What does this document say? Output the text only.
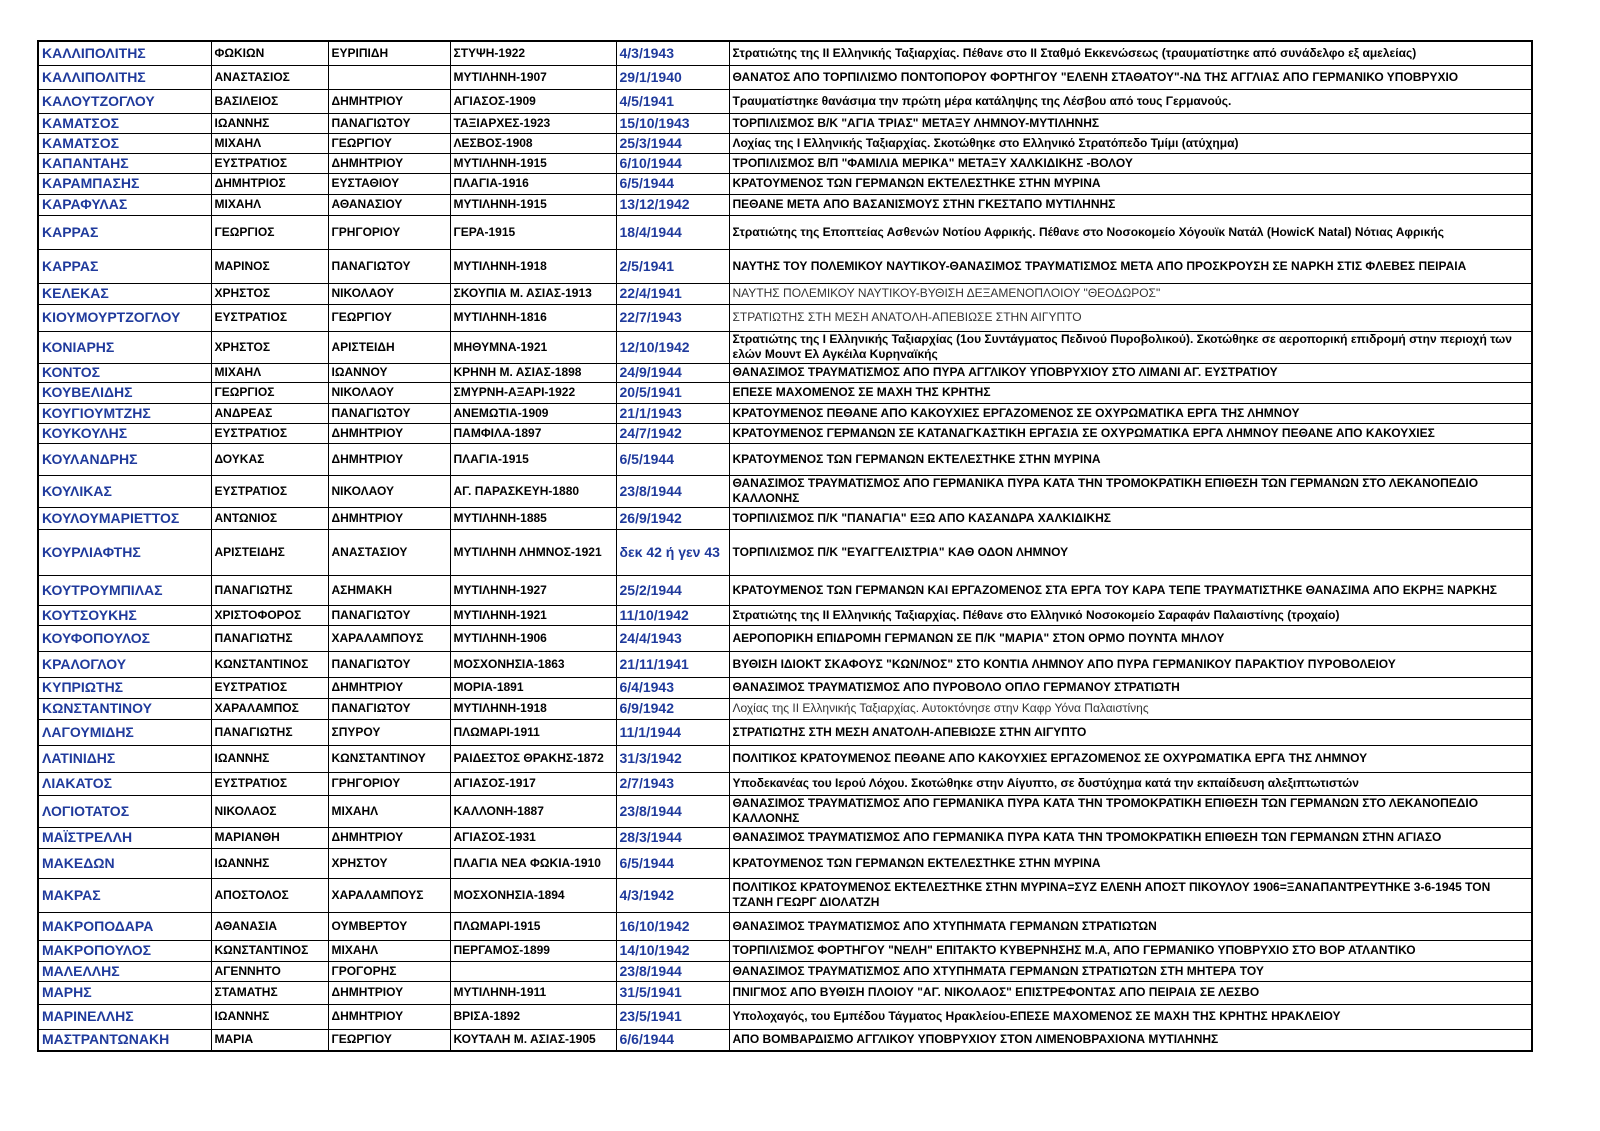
ΚΑΛΛΙΠΟΛΙΤΗΣ	ΦΩΚΙΩΝ	ΕΥΡΙΠΙΔΗ	ΣΤΥΨΗ-1922	4/3/1943	Στρατιώτης της ΙΙ Ελληνικής Ταξιαρχίας. Πέθανε στο ΙΙ Σταθμό Εκκενώσεως (τραυματίστηκε από συνάδελφο εξ αμελείας)
ΚΑΛΛΙΠΟΛΙΤΗΣ	ΑΝΑΣΤΑΣΙΟΣ		ΜΥΤΙΛΗΝΗ-1907	29/1/1940	ΘΑΝΑΤΟΣ ΑΠΟ ΤΟΡΠΙΛΙΣΜΟ ΠΟΝΤΟΠΟΡΟΥ ΦΟΡΤΗΓΟΥ "ΕΛΕΝΗ ΣΤΑΘΑΤΟΥ"-ΝΔ ΤΗΣ ΑΓΓΛΙΑΣ ΑΠΟ ΓΕΡΜΑΝΙΚΟ ΥΠΟΒΡΥΧΙΟ
ΚΑΛΟΥΤΖΟΓΛΟΥ	ΒΑΣΙΛΕΙΟΣ	ΔΗΜΗΤΡΙΟΥ	ΑΓΙΑΣΟΣ-1909	4/5/1941	Τραυματίστηκε θανάσιμα την πρώτη μέρα κατάληψης της Λέσβου από τους Γερμανούς.
ΚΑΜΑΤΣΟΣ	ΙΩΑΝΝΗΣ	ΠΑΝΑΓΙΩΤΟΥ	ΤΑΞΙΑΡΧΕΣ-1923	15/10/1943	ΤΟΡΠΙΛΙΣΜΟΣ Β/Κ "ΑΓΙΑ ΤΡΙΑΣ" ΜΕΤΑΞΥ ΛΗΜΝΟΥ-ΜΥΤΙΛΗΝΗΣ
ΚΑΜΑΤΣΟΣ	ΜΙΧΑΗΛ	ΓΕΩΡΓΙΟΥ	ΛΕΣΒΟΣ-1908	25/3/1944	Λοχίας της Ι Ελληνικής Ταξιαρχίας. Σκοτώθηκε στο Ελληνικό Στρατόπεδο Τμίμι (ατύχημα)
ΚΑΠΑΝΤΑΗΣ	ΕΥΣΤΡΑΤΙΟΣ	ΔΗΜΗΤΡΙΟΥ	ΜΥΤΙΛΗΝΗ-1915	6/10/1944	ΤΡΟΠΙΛΙΣΜΟΣ Β/Π "ΦΑΜΙΛΙΑ ΜΕΡΙΚΑ" ΜΕΤΑΞΥ ΧΑΛΚΙΔΙΚΗΣ -ΒΟΛΟΥ
ΚΑΡΑΜΠΑΣΗΣ	ΔΗΜΗΤΡΙΟΣ	ΕΥΣΤΑΘΙΟΥ	ΠΛΑΓΙΑ-1916	6/5/1944	ΚΡΑΤΟΥΜΕΝΟΣ ΤΩΝ ΓΕΡΜΑΝΩΝ ΕΚΤΕΛΕΣΤΗΚΕ ΣΤΗΝ ΜΥΡΙΝΑ
ΚΑΡΑΦΥΛΑΣ	ΜΙΧΑΗΛ	ΑΘΑΝΑΣΙΟΥ	ΜΥΤΙΛΗΝΗ-1915	13/12/1942	ΠΕΘΑΝΕ ΜΕΤΑ ΑΠΟ ΒΑΣΑΝΙΣΜΟΥΣ ΣΤΗΝ ΓΚΕΣΤΑΠΟ ΜΥΤΙΛΗΝΗΣ
ΚΑΡΡΑΣ	ΓΕΩΡΓΙΟΣ	ΓΡΗΓΟΡΙΟΥ	ΓΕΡΑ-1915	18/4/1944	Στρατιώτης της Εποπτείας Ασθενών Νοτίου Αφρικής. Πέθανε στο Νοσοκομείο Χόγουϊκ Νατάλ (HowicK Natal) Νότιας Αφρικής
ΚΑΡΡΑΣ	ΜΑΡΙΝΟΣ	ΠΑΝΑΓΙΩΤΟΥ	ΜΥΤΙΛΗΝΗ-1918	2/5/1941	ΝΑΥΤΗΣ ΤΟΥ ΠΟΛΕΜΙΚΟΥ ΝΑΥΤΙΚΟΥ-ΘΑΝΑΣΙΜΟΣ ΤΡΑΥΜΑΤΙΣΜΟΣ ΜΕΤΑ ΑΠΟ ΠΡΟΣΚΡΟΥΣΗ ΣΕ ΝΑΡΚΗ ΣΤΙΣ ΦΛΕΒΕΣ ΠΕΙΡΑΙΑ
ΚΕΛΕΚΑΣ	ΧΡΗΣΤΟΣ	ΝΙΚΟΛΑΟΥ	ΣΚΟΥΠΙΑ Μ. ΑΣΙΑΣ-1913	22/4/1941	ΝΑΥΤΗΣ ΠΟΛΕΜΙΚΟΥ ΝΑΥΤΙΚΟΥ-ΒΥΘΙΣΗ ΔΕΞΑΜΕΝΟΠΛΟΙΟΥ "ΘΕΟΔΩΡΟΣ"
ΚΙΟΥΜΟΥΡΤΖΟΓΛΟΥ	ΕΥΣΤΡΑΤΙΟΣ	ΓΕΩΡΓΙΟΥ	ΜΥΤΙΛΗΝΗ-1816	22/7/1943	ΣΤΡΑΤΙΩΤΗΣ ΣΤΗ ΜΕΣΗ ΑΝΑΤΟΛΗ-ΑΠΕΒΙΩΣΕ ΣΤΗΝ ΑΙΓΥΠΤΟ
ΚΟΝΙΑΡΗΣ	ΧΡΗΣΤΟΣ	ΑΡΙΣΤΕΙΔΗ	ΜΗΘΥΜΝΑ-1921	12/10/1942	Στρατιώτης της Ι Ελληνικής Ταξιαρχίας (1ου Συντάγματος Πεδινού Πυροβολικού). Σκοτώθηκε σε αεροπορική επιδρομή στην περιοχή των ελών Μουντ Ελ Αγκέιλα Κυρηναϊκής
ΚΟΝΤΟΣ	ΜΙΧΑΗΛ	ΙΩΑΝΝΟΥ	ΚΡΗΝΗ Μ. ΑΣΙΑΣ-1898	24/9/1944	ΘΑΝΑΣΙΜΟΣ ΤΡΑΥΜΑΤΙΣΜΟΣ ΑΠΟ ΠΥΡΑ ΑΓΓΛΙΚΟΥ ΥΠΟΒΡΥΧΙΟΥ ΣΤΟ ΛΙΜΑΝΙ ΑΓ. ΕΥΣΤΡΑΤΙΟΥ
ΚΟΥΒΕΛΙΔΗΣ	ΓΕΩΡΓΙΟΣ	ΝΙΚΟΛΑΟΥ	ΣΜΥΡΝΗ-ΑΞΑΡΙ-1922	20/5/1941	ΕΠΕΣΕ ΜΑΧΟΜΕΝΟΣ ΣΕ ΜΑΧΗ ΤΗΣ ΚΡΗΤΗΣ
ΚΟΥΓΙΟΥΜΤΖΗΣ	ΑΝΔΡΕΑΣ	ΠΑΝΑΓΙΩΤΟΥ	ΑΝΕΜΩΤΙΑ-1909	21/1/1943	ΚΡΑΤΟΥΜΕΝΟΣ ΠΕΘΑΝΕ ΑΠΟ ΚΑΚΟΥΧΙΕΣ ΕΡΓΑΖΟΜΕΝΟΣ ΣΕ ΟΧΥΡΩΜΑΤΙΚΑ ΕΡΓΑ ΤΗΣ ΛΗΜΝΟΥ
ΚΟΥΚΟΥΛΗΣ	ΕΥΣΤΡΑΤΙΟΣ	ΔΗΜΗΤΡΙΟΥ	ΠΑΜΦΙΛΑ-1897	24/7/1942	ΚΡΑΤΟΥΜΕΝΟΣ ΓΕΡΜΑΝΩΝ ΣΕ ΚΑΤΑΝΑΓΚΑΣΤΙΚΗ ΕΡΓΑΣΙΑ ΣΕ ΟΧΥΡΩΜΑΤΙΚΑ ΕΡΓΑ ΛΗΜΝΟΥ ΠΕΘΑΝΕ ΑΠΟ ΚΑΚΟΥΧΙΕΣ
ΚΟΥΛΑΝΔΡΗΣ	ΔΟΥΚΑΣ	ΔΗΜΗΤΡΙΟΥ	ΠΛΑΓΙΑ-1915	6/5/1944	ΚΡΑΤΟΥΜΕΝΟΣ ΤΩΝ ΓΕΡΜΑΝΩΝ ΕΚΤΕΛΕΣΤΗΚΕ ΣΤΗΝ ΜΥΡΙΝΑ
ΚΟΥΛΙΚΑΣ	ΕΥΣΤΡΑΤΙΟΣ	ΝΙΚΟΛΑΟΥ	ΑΓ. ΠΑΡΑΣΚΕΥΗ-1880	23/8/1944	ΘΑΝΑΣΙΜΟΣ ΤΡΑΥΜΑΤΙΣΜΟΣ ΑΠΟ ΓΕΡΜΑΝΙΚΑ ΠΥΡΑ ΚΑΤΑ ΤΗΝ ΤΡΟΜΟΚΡΑΤΙΚΗ ΕΠΙΘΕΣΗ ΤΩΝ ΓΕΡΜΑΝΩΝ ΣΤΟ ΛΕΚΑΝΟΠΕΔΙΟ ΚΑΛΛΟΝΗΣ
ΚΟΥΛΟΥΜΑΡΙΕΤΤΟΣ	ΑΝΤΩΝΙΟΣ	ΔΗΜΗΤΡΙΟΥ	ΜΥΤΙΛΗΝΗ-1885	26/9/1942	ΤΟΡΠΙΛΙΣΜΟΣ Π/Κ "ΠΑΝΑΓΙΑ" ΕΞΩ ΑΠΟ ΚΑΣΑΝΔΡΑ ΧΑΛΚΙΔΙΚΗΣ
ΚΟΥΡΛΙΑΦΤΗΣ	ΑΡΙΣΤΕΙΔΗΣ	ΑΝΑΣΤΑΣΙΟΥ	ΜΥΤΙΛΗΝΗ ΛΗΜΝΟΣ-1921	δεκ 42 ή γεν 43	ΤΟΡΠΙΛΙΣΜΟΣ Π/Κ "ΕΥΑΓΓΕΛΙΣΤΡΙΑ" ΚΑΘ ΟΔΟΝ ΛΗΜΝΟΥ
ΚΟΥΤΡΟΥΜΠΙΛΑΣ	ΠΑΝΑΓΙΩΤΗΣ	ΑΣΗΜΑΚΗ	ΜΥΤΙΛΗΝΗ-1927	25/2/1944	ΚΡΑΤΟΥΜΕΝΟΣ ΤΩΝ ΓΕΡΜΑΝΩΝ ΚΑΙ ΕΡΓΑΖΟΜΕΝΟΣ ΣΤΑ ΕΡΓΑ ΤΟΥ ΚΑΡΑ ΤΕΠΕ ΤΡΑΥΜΑΤΙΣΤΗΚΕ ΘΑΝΑΣΙΜΑ ΑΠΟ ΕΚΡΗΞ ΝΑΡΚΗΣ
ΚΟΥΤΣΟΥΚΗΣ	ΧΡΙΣΤΟΦΟΡΟΣ	ΠΑΝΑΓΙΩΤΟΥ	ΜΥΤΙΛΗΝΗ-1921	11/10/1942	Στρατιώτης της ΙΙ Ελληνικής Ταξιαρχίας. Πέθανε στο Ελληνικό Νοσοκομείο Σαραφάν Παλαιστίνης (τροχαίο)
ΚΟΥΦΟΠΟΥΛΟΣ	ΠΑΝΑΓΙΩΤΗΣ	ΧΑΡΑΛΑΜΠΟΥΣ	ΜΥΤΙΛΗΝΗ-1906	24/4/1943	ΑΕΡΟΠΟΡΙΚΗ ΕΠΙΔΡΟΜΗ ΓΕΡΜΑΝΩΝ ΣΕ Π/Κ "ΜΑΡΙΑ" ΣΤΟΝ ΟΡΜΟ ΠΟΥΝΤΑ ΜΗΛΟΥ
ΚΡΑΛΟΓΛΟΥ	ΚΩΝΣΤΑΝΤΙΝΟΣ	ΠΑΝΑΓΙΩΤΟΥ	ΜΟΣΧΟΝΗΣΙΑ-1863	21/11/1941	ΒΥΘΙΣΗ ΙΔΙΟΚΤ ΣΚΑΦΟΥΣ "ΚΩΝ/ΝΟΣ" ΣΤΟ ΚΟΝΤΙΑ ΛΗΜΝΟΥ ΑΠΟ ΠΥΡΑ ΓΕΡΜΑΝΙΚΟΥ ΠΑΡΑΚΤΙΟΥ ΠΥΡΟΒΟΛΕΙΟΥ
ΚΥΠΡΙΩΤΗΣ	ΕΥΣΤΡΑΤΙΟΣ	ΔΗΜΗΤΡΙΟΥ	ΜΟΡΙΑ-1891	6/4/1943	ΘΑΝΑΣΙΜΟΣ ΤΡΑΥΜΑΤΙΣΜΟΣ ΑΠΟ ΠΥΡΟΒΟΛΟ ΟΠΛΟ ΓΕΡΜΑΝΟΥ ΣΤΡΑΤΙΩΤΗ
ΚΩΝΣΤΑΝΤΙΝΟΥ	ΧΑΡΑΛΑΜΠΟΣ	ΠΑΝΑΓΙΩΤΟΥ	ΜΥΤΙΛΗΝΗ-1918	6/9/1942	Λοχίας της ΙΙ Ελληνικής Ταξιαρχίας. Αυτοκτόνησε στην Καφρ Υόνα Παλαιστίνης
ΛΑΓΟΥΜΙΔΗΣ	ΠΑΝΑΓΙΩΤΗΣ	ΣΠΥΡΟΥ	ΠΛΩΜΑΡΙ-1911	11/1/1944	ΣΤΡΑΤΙΩΤΗΣ ΣΤΗ ΜΕΣΗ ΑΝΑΤΟΛΗ-ΑΠΕΒΙΩΣΕ ΣΤΗΝ ΑΙΓΥΠΤΟ
ΛΑΤΙΝΙΔΗΣ	ΙΩΑΝΝΗΣ	ΚΩΝΣΤΑΝΤΙΝΟΥ	ΡΑΙΔΕΣΤΟΣ ΘΡΑΚΗΣ-1872	31/3/1942	ΠΟΛΙΤΙΚΟΣ ΚΡΑΤΟΥΜΕΝΟΣ ΠΕΘΑΝΕ ΑΠΟ ΚΑΚΟΥΧΙΕΣ ΕΡΓΑΖΟΜΕΝΟΣ ΣΕ ΟΧΥΡΩΜΑΤΙΚΑ ΕΡΓΑ ΤΗΣ ΛΗΜΝΟΥ
ΛΙΑΚΑΤΟΣ	ΕΥΣΤΡΑΤΙΟΣ	ΓΡΗΓΟΡΙΟΥ	ΑΓΙΑΣΟΣ-1917	2/7/1943	Υποδεκανέας του Ιερού Λόχου. Σκοτώθηκε στην Αίγυπτο, σε δυστύχημα κατά την εκπαίδευση αλεξιπτωτιστών
ΛΟΓΙΟΤΑΤΟΣ	ΝΙΚΟΛΑΟΣ	ΜΙΧΑΗΛ	ΚΑΛΛΟΝΗ-1887	23/8/1944	ΘΑΝΑΣΙΜΟΣ ΤΡΑΥΜΑΤΙΣΜΟΣ ΑΠΟ ΓΕΡΜΑΝΙΚΑ ΠΥΡΑ ΚΑΤΑ ΤΗΝ ΤΡΟΜΟΚΡΑΤΙΚΗ ΕΠΙΘΕΣΗ ΤΩΝ ΓΕΡΜΑΝΩΝ ΣΤΟ ΛΕΚΑΝΟΠΕΔΙΟ ΚΑΛΛΟΝΗΣ
ΜΑΪΣΤΡΕΛΛΗ	ΜΑΡΙΑΝΘΗ	ΔΗΜΗΤΡΙΟΥ	ΑΓΙΑΣΟΣ-1931	28/3/1944	ΘΑΝΑΣΙΜΟΣ ΤΡΑΥΜΑΤΙΣΜΟΣ ΑΠΟ ΓΕΡΜΑΝΙΚΑ ΠΥΡΑ ΚΑΤΑ ΤΗΝ ΤΡΟΜΟΚΡΑΤΙΚΗ ΕΠΙΘΕΣΗ ΤΩΝ ΓΕΡΜΑΝΩΝ ΣΤΗΝ ΑΓΙΑΣΟ
ΜΑΚΕΔΩΝ	ΙΩΑΝΝΗΣ	ΧΡΗΣΤΟΥ	ΠΛΑΓΙΑ ΝΕΑ ΦΩΚΙΑ-1910	6/5/1944	ΚΡΑΤΟΥΜΕΝΟΣ ΤΩΝ ΓΕΡΜΑΝΩΝ ΕΚΤΕΛΕΣΤΗΚΕ ΣΤΗΝ ΜΥΡΙΝΑ
ΜΑΚΡΑΣ	ΑΠΟΣΤΟΛΟΣ	ΧΑΡΑΛΑΜΠΟΥΣ	ΜΟΣΧΟΝΗΣΙΑ-1894	4/3/1942	ΠΟΛΙΤΙΚΟΣ ΚΡΑΤΟΥΜΕΝΟΣ ΕΚΤΕΛΕΣΤΗΚΕ ΣΤΗΝ ΜΥΡΙΝΑ=ΣΥΖ ΕΛΕΝΗ ΑΠΟΣΤ ΠΙΚΟΥΛΟΥ 1906=ΞΑΝΑΠΑΝΤΡΕΥΤΗΚΕ 3-6-1945 ΤΟΝ ΤΖΑΝΗ ΓΕΩΡΓ ΔΙΟΛΑΤΖΗ
ΜΑΚΡΟΠΟΔΑΡΑ	ΑΘΑΝΑΣΙΑ	ΟΥΜΒΕΡΤΟΥ	ΠΛΩΜΑΡΙ-1915	16/10/1942	ΘΑΝΑΣΙΜΟΣ ΤΡΑΥΜΑΤΙΣΜΟΣ ΑΠΟ ΧΤΥΠΗΜΑΤΑ ΓΕΡΜΑΝΩΝ ΣΤΡΑΤΙΩΤΩΝ
ΜΑΚΡΟΠΟΥΛΟΣ	ΚΩΝΣΤΑΝΤΙΝΟΣ	ΜΙΧΑΗΛ	ΠΕΡΓΑΜΟΣ-1899	14/10/1942	ΤΟΡΠΙΛΙΣΜΟΣ ΦΟΡΤΗΓΟΥ "ΝΕΛΗ" ΕΠΙΤΑΚΤΟ ΚΥΒΕΡΝΗΣΗΣ Μ.Α, ΑΠΟ ΓΕΡΜΑΝΙΚΟ ΥΠΟΒΡΥΧΙΟ ΣΤΟ ΒΟΡ ΑΤΛΑΝΤΙΚΟ
ΜΑΛΕΛΛΗΣ	ΑΓΕΝΝΗΤΟ	ΓΡΟΓΟΡΗΣ		23/8/1944	ΘΑΝΑΣΙΜΟΣ ΤΡΑΥΜΑΤΙΣΜΟΣ ΑΠΟ ΧΤΥΠΗΜΑΤΑ ΓΕΡΜΑΝΩΝ ΣΤΡΑΤΙΩΤΩΝ ΣΤΗ ΜΗΤΕΡΑ ΤΟΥ
ΜΑΡΗΣ	ΣΤΑΜΑΤΗΣ	ΔΗΜΗΤΡΙΟΥ	ΜΥΤΙΛΗΝΗ-1911	31/5/1941	ΠΝΙΓΜΟΣ ΑΠΟ ΒΥΘΙΣΗ ΠΛΟΙΟΥ "ΑΓ. ΝΙΚΟΛΑΟΣ" ΕΠΙΣΤΡΕΦΟΝΤΑΣ ΑΠΟ ΠΕΙΡΑΙΑ ΣΕ ΛΕΣΒΟ
ΜΑΡΙΝΕΛΛΗΣ	ΙΩΑΝΝΗΣ	ΔΗΜΗΤΡΙΟΥ	ΒΡΙΣΑ-1892	23/5/1941	Υπολοχαγός, του Εμπέδου Τάγματος Ηρακλείου-ΕΠΕΣΕ ΜΑΧΟΜΕΝΟΣ ΣΕ ΜΑΧΗ ΤΗΣ ΚΡΗΤΗΣ ΗΡΑΚΛΕΙΟΥ
ΜΑΣΤΡΑΝΤΩΝΑΚΗ	ΜΑΡΙΑ	ΓΕΩΡΓΙΟΥ	ΚΟΥΤΑΛΗ Μ. ΑΣΙΑΣ-1905	6/6/1944	ΑΠΟ ΒΟΜΒΑΡΔΙΣΜΟ ΑΓΓΛΙΚΟΥ ΥΠΟΒΡΥΧΙΟΥ ΣΤΟΝ ΛΙΜΕΝΟΒΡΑΧΙΟΝΑ ΜΥΤΙΛΗΝΗΣ
